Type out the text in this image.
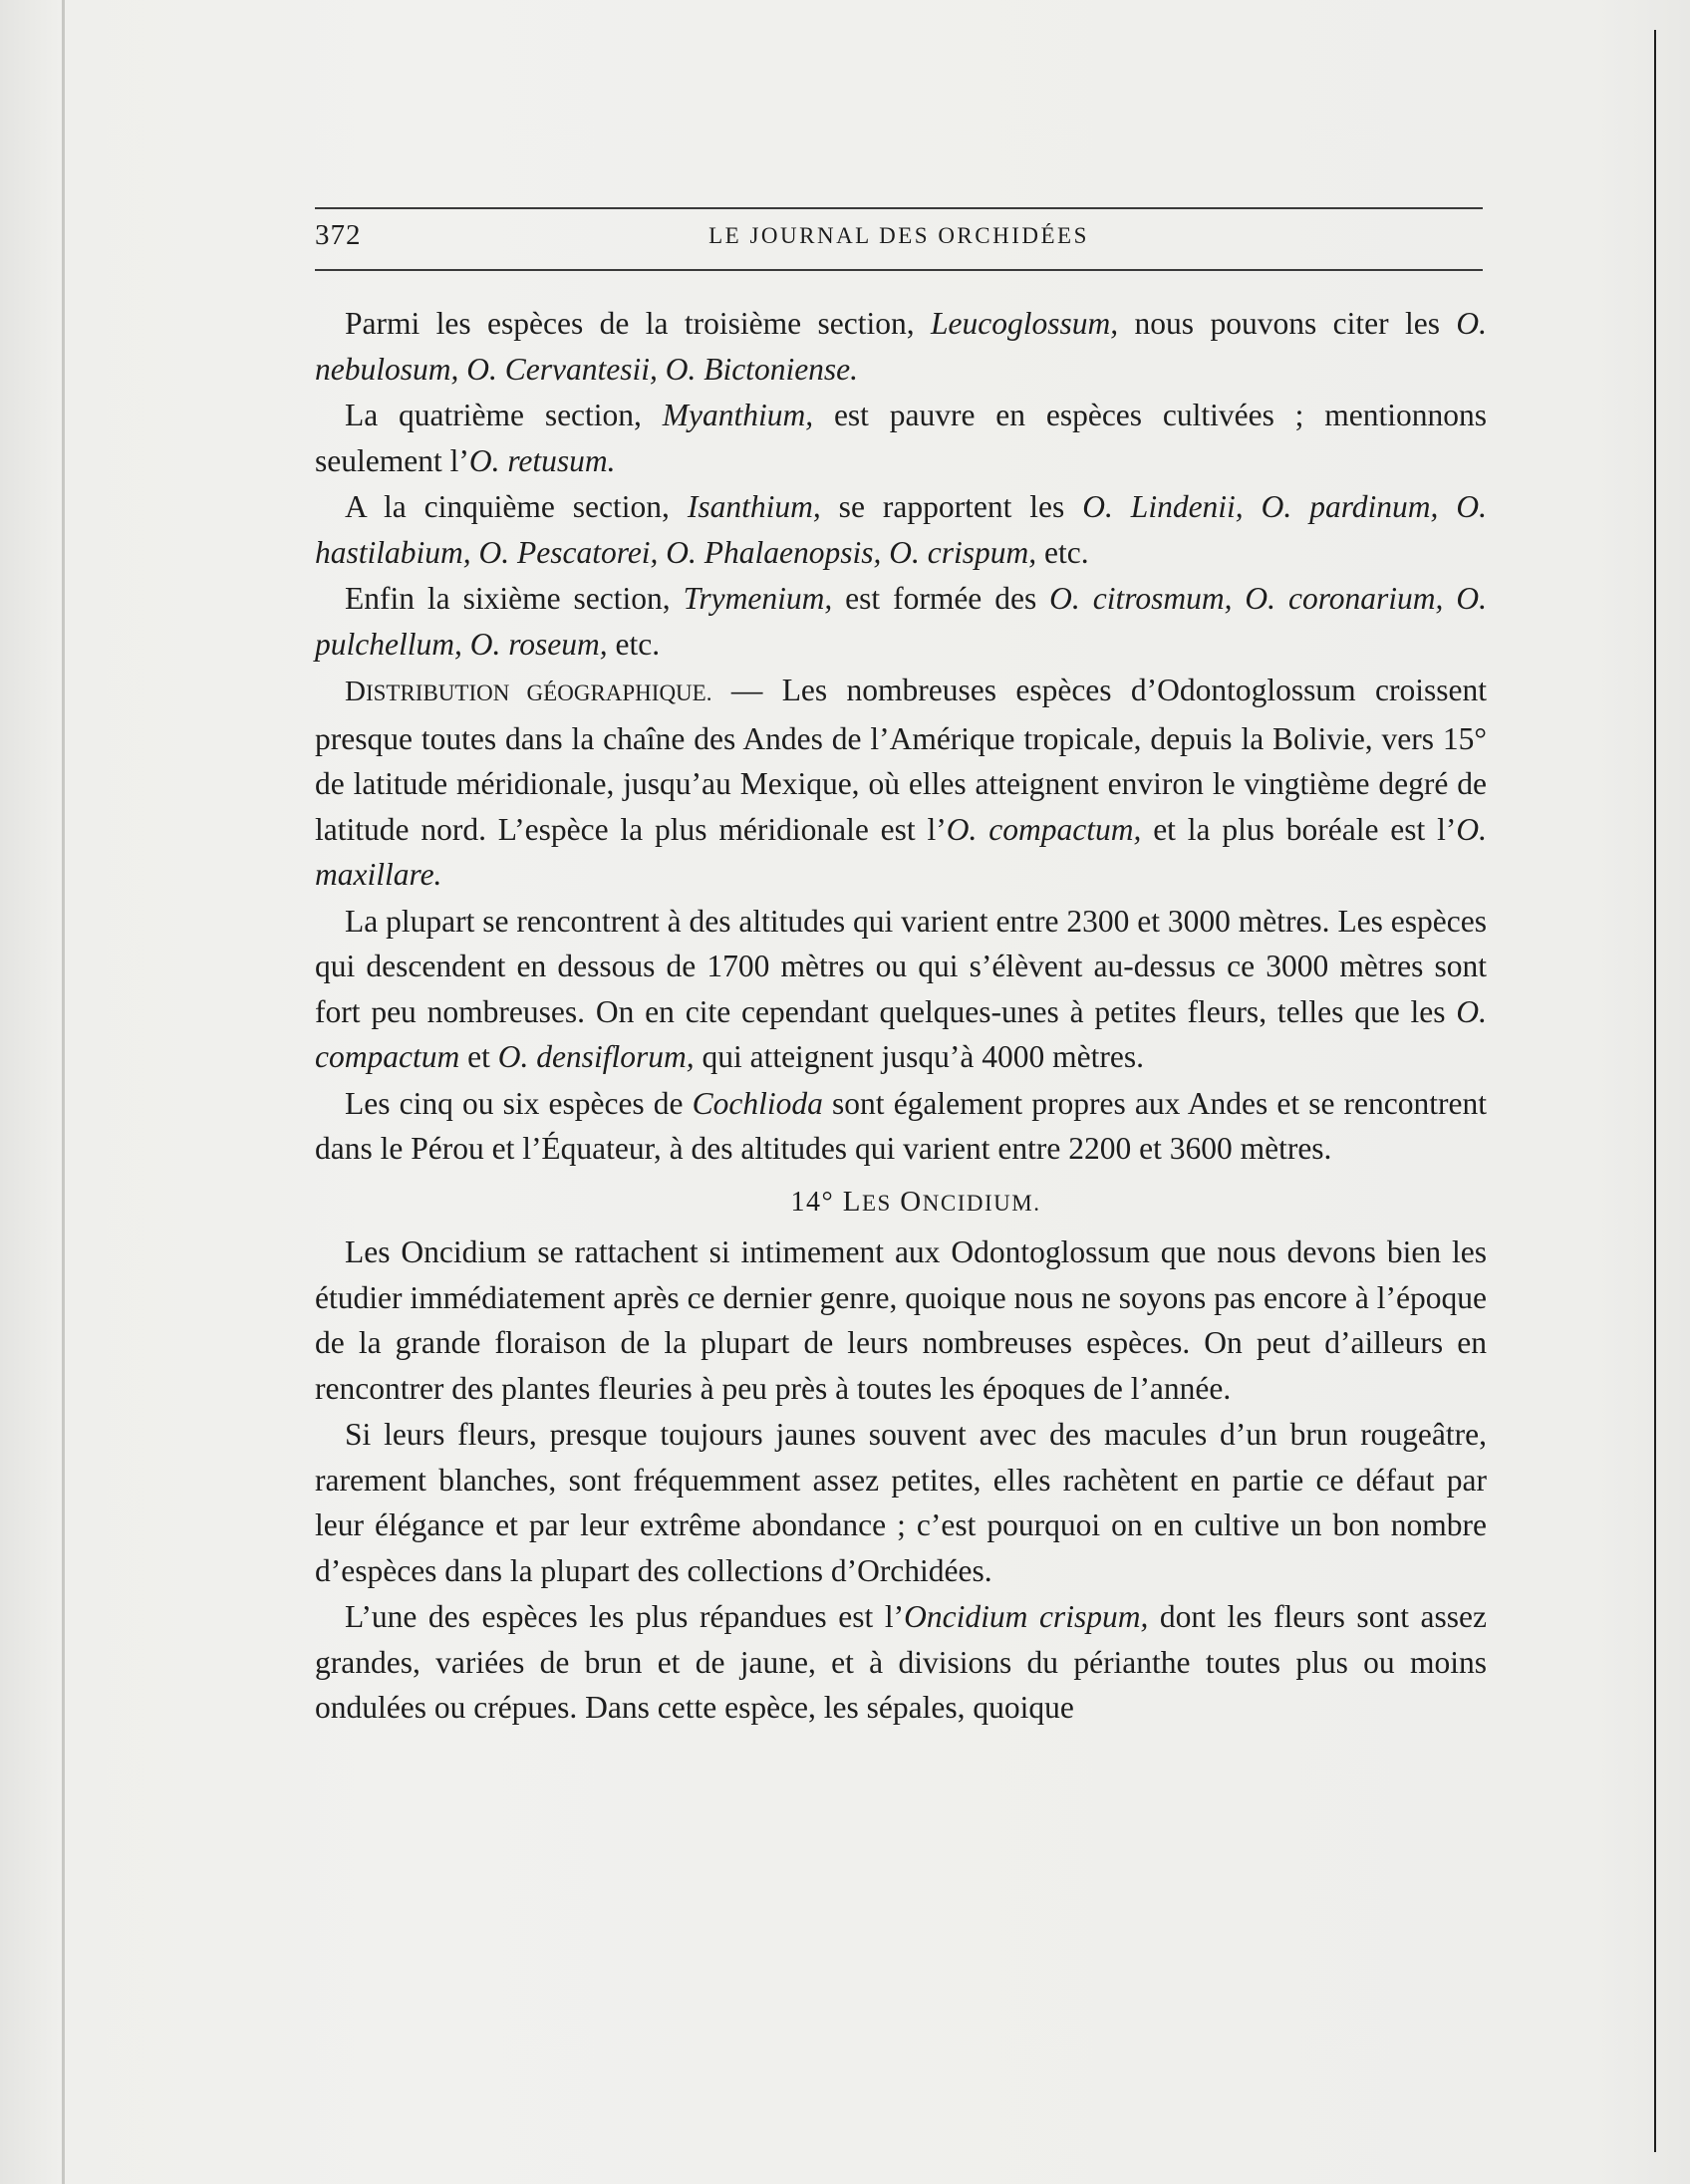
372	LE JOURNAL DES ORCHIDÉES

Parmi les espèces de la troisième section, Leucoglossum, nous pouvons citer les O. nebulosum, O. Cervantesii, O. Bictoniense.

La quatrième section, Myanthium, est pauvre en espèces cultivées ; mentionnons seulement l’O. retusum.

A la cinquième section, Isanthium, se rapportent les O. Lindenii, O. pardinum, O. hastilabium, O. Pescatorei, O. Phalaenopsis, O. crispum, etc.

Enfin la sixième section, Trymenium, est formée des O. citrosmum, O. coronarium, O. pulchellum, O. roseum, etc.

DISTRIBUTION GÉOGRAPHIQUE. — Les nombreuses espèces d’Odontoglossum croissent presque toutes dans la chaîne des Andes de l’Amérique tropicale, depuis la Bolivie, vers 15° de latitude méridionale, jusqu’au Mexique, où elles atteignent environ le vingtième degré de latitude nord. L’espèce la plus méridionale est l’O. compactum, et la plus boréale est l’O. maxillare.

La plupart se rencontrent à des altitudes qui varient entre 2300 et 3000 mètres. Les espèces qui descendent en dessous de 1700 mètres ou qui s’élèvent au-dessus ce 3000 mètres sont fort peu nombreuses. On en cite cependant quelques-unes à petites fleurs, telles que les O. compactum et O. densiflorum, qui atteignent jusqu’à 4000 mètres.

Les cinq ou six espèces de Cochlioda sont également propres aux Andes et se rencontrent dans le Pérou et l’Équateur, à des altitudes qui varient entre 2200 et 3600 mètres.

14° LES ONCIDIUM.

Les Oncidium se rattachent si intimement aux Odontoglossum que nous devons bien les étudier immédiatement après ce dernier genre, quoique nous ne soyons pas encore à l’époque de la grande floraison de la plupart de leurs nombreuses espèces. On peut d’ailleurs en rencontrer des plantes fleuries à peu près à toutes les époques de l’année.

Si leurs fleurs, presque toujours jaunes souvent avec des macules d’un brun rougeâtre, rarement blanches, sont fréquemment assez petites, elles rachètent en partie ce défaut par leur élégance et par leur extrême abondance ; c’est pourquoi on en cultive un bon nombre d’espèces dans la plupart des collections d’Orchidées.

L’une des espèces les plus répandues est l’Oncidium crispum, dont les fleurs sont assez grandes, variées de brun et de jaune, et à divisions du périanthe toutes plus ou moins ondulées ou crépues. Dans cette espèce, les sépales, quoique
